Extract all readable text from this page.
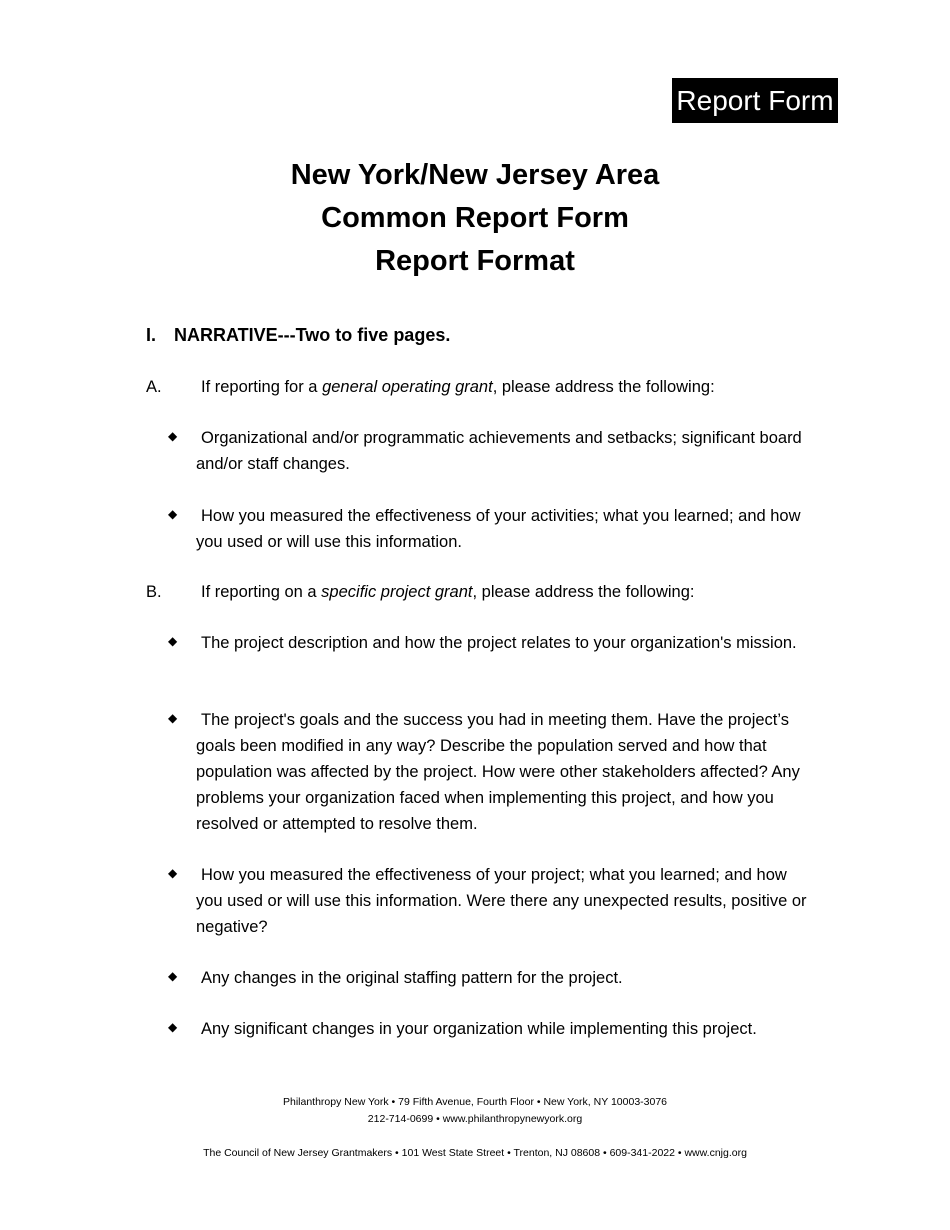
Report Form
New York/New Jersey Area
Common Report Form
Report Format
I. NARRATIVE---Two to five pages.
A. If reporting for a general operating grant, please address the following:
◆	Organizational and/or programmatic achievements and setbacks; significant board and/or staff changes.
◆	How you measured the effectiveness of your activities; what you learned; and how you used or will use this information.
B. If reporting on a specific project grant, please address the following:
◆	The project description and how the project relates to your organization's mission.
◆	The project's goals and the success you had in meeting them. Have the project’s goals been modified in any way? Describe the population served and how that population was affected by the project. How were other stakeholders affected? Any problems your organization faced when implementing this project, and how you resolved or attempted to resolve them.
◆	How you measured the effectiveness of your project; what you learned; and how you used or will use this information. Were there any unexpected results, positive or negative?
◆	Any changes in the original staffing pattern for the project.
◆	Any significant changes in your organization while implementing this project.
Philanthropy New York • 79 Fifth Avenue, Fourth Floor • New York, NY 10003-3076
212-714-0699 • www.philanthropynewyork.org
The Council of New Jersey Grantmakers • 101 West State Street • Trenton, NJ 08608 • 609-341-2022 • www.cnjg.org
